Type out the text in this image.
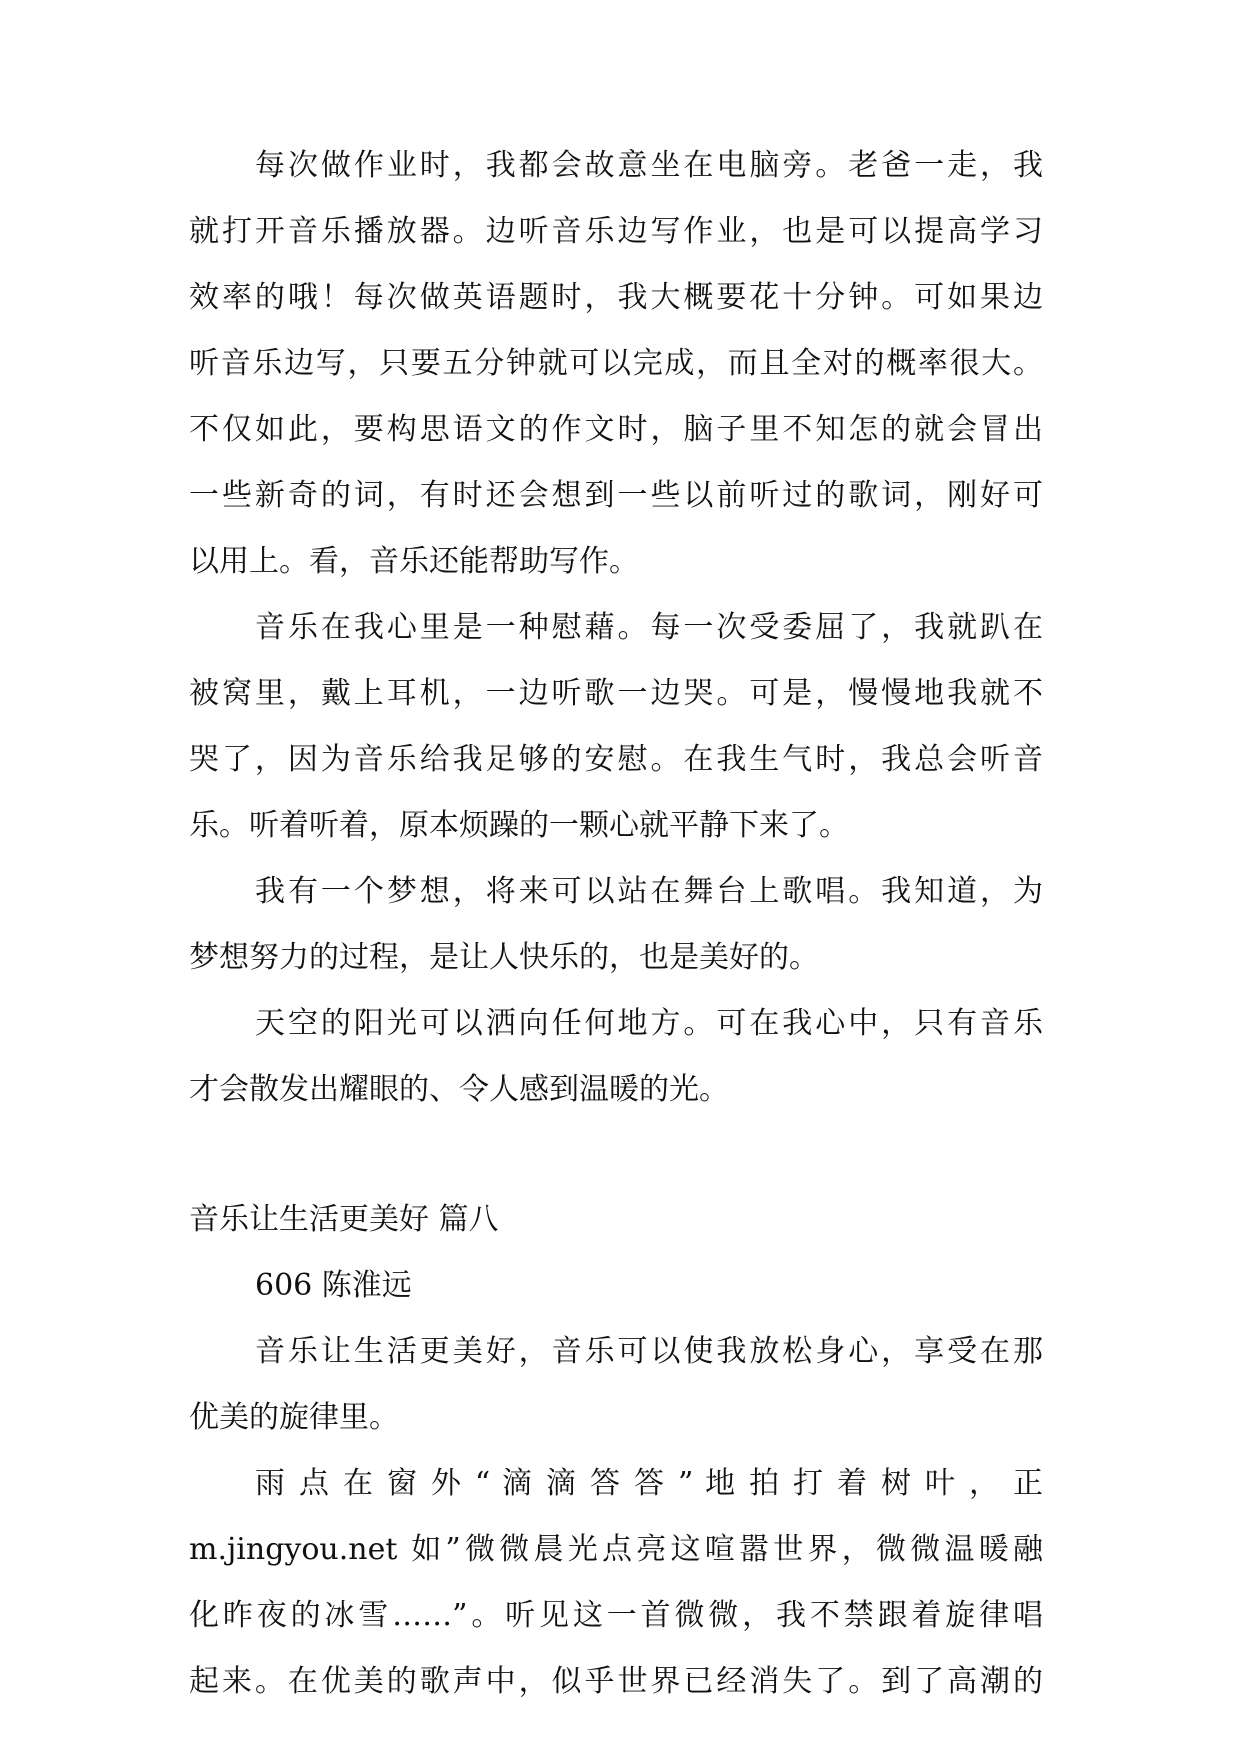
每次做作业时，我都会故意坐在电脑旁。老爸一走，我
就打开音乐播放器。边听音乐边写作业，也是可以提高学习
效率的哦！每次做英语题时，我大概要花十分钟。可如果边
听音乐边写，只要五分钟就可以完成，而且全对的概率很大。
不仅如此，要构思语文的作文时，脑子里不知怎的就会冒出
一些新奇的词，有时还会想到一些以前听过的歌词，刚好可
以用上。看，音乐还能帮助写作。
音乐在我心里是一种慰藉。每一次受委屈了，我就趴在
被窝里，戴上耳机，一边听歌一边哭。可是，慢慢地我就不
哭了，因为音乐给我足够的安慰。在我生气时，我总会听音
乐。听着听着，原本烦躁的一颗心就平静下来了。
我有一个梦想，将来可以站在舞台上歌唱。我知道，为
梦想努力的过程，是让人快乐的，也是美好的。
天空的阳光可以洒向任何地方。可在我心中，只有音乐
才会散发出耀眼的、令人感到温暖的光。
音乐让生活更美好 篇八
606 陈淮远
音乐让生活更美好，音乐可以使我放松身心，享受在那
优美的旋律里。
雨 点 在 窗 外 “ 滴 滴 答 答 ” 地 拍 打 着 树 叶 ， 正
m.jingyou.net 如”微微晨光点亮这喧嚣世界，微微温暖融
化昨夜的冰雪……”。听见这一首微微，我不禁跟着旋律唱
起来。在优美的歌声中，似乎世界已经消失了。到了高潮的
